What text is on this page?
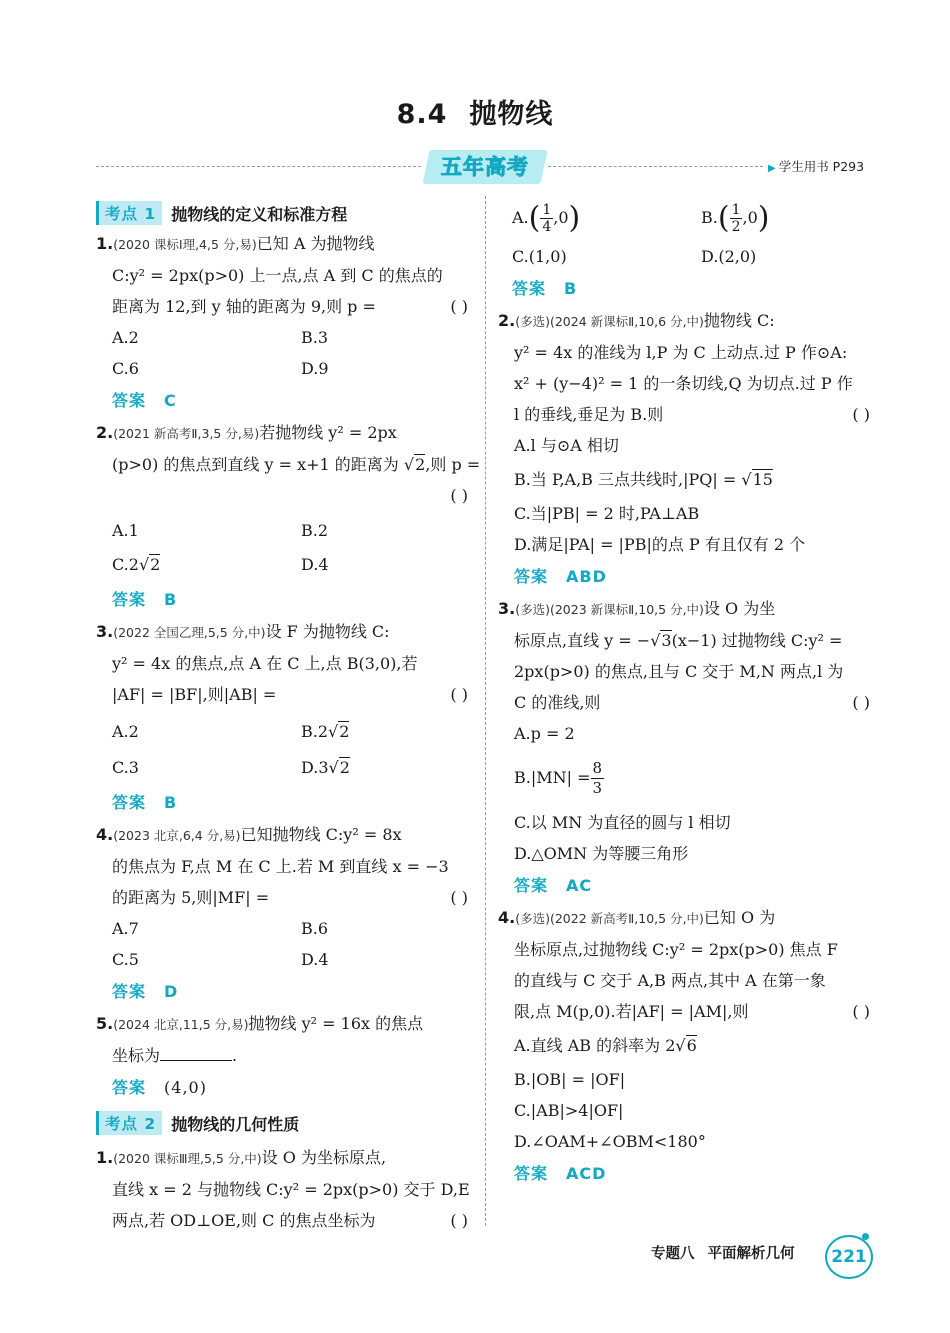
8.4 抛物线
五年高考	▶ 学生用书 P293
考点 1 抛物线的定义和标准方程
1.(2020 课标Ⅰ理,4,5 分,易)已知 A 为抛物线
C:y² = 2px(p>0) 上一点,点 A 到 C 的焦点的
距离为 12,到 y 轴的距离为 9,则 p =	( )
A.2	B.3
C.6	D.9
答案 C
2.(2021 新高考Ⅱ,3,5 分,易)若抛物线 y² = 2px
(p>0) 的焦点到直线 y = x+1 的距离为 √2,则 p =
( )
A.1	B.2
C.2√2	D.4
答案 B
3.(2022 全国乙理,5,5 分,中)设 F 为抛物线 C:
y² = 4x 的焦点,点 A 在 C 上,点 B(3,0),若
|AF| = |BF|,则|AB| =	( )
A.2	B.2√2
C.3	D.3√2
答案 B
4.(2023 北京,6,4 分,易)已知抛物线 C:y² = 8x
的焦点为 F,点 M 在 C 上.若 M 到直线 x = −3
的距离为 5,则|MF| =	( )
A.7	B.6
C.5	D.4
答案 D
5.(2024 北京,11,5 分,易)抛物线 y² = 16x 的焦点
坐标为	.
答案 (4,0)
考点 2 抛物线的几何性质
1.(2020 课标Ⅲ理,5,5 分,中)设 O 为坐标原点,
直线 x = 2 与抛物线 C:y² = 2px(p>0) 交于 D,E
两点,若 OD⊥OE,则 C 的焦点坐标为	( )
$A.( \frac{1}{4} ,0)$	$B.( \frac{1}{2} ,0)$
C.(1,0)	D.(2,0)
答案 B
2.(多选)(2024 新课标Ⅱ,10,6 分,中)抛物线 C:
y² = 4x 的准线为 l,P 为 C 上动点.过 P 作⊙A:
x² + (y−4)² = 1 的一条切线,Q 为切点.过 P 作
l 的垂线,垂足为 B.则	( )
A.l 与⊙A 相切
B.当 P,A,B 三点共线时,|PQ| = √15
C.当|PB| = 2 时,PA⊥AB
D.满足|PA| = |PB|的点 P 有且仅有 2 个
答案 ABD
3.(多选)(2023 新课标Ⅱ,10,5 分,中)设 O 为坐
标原点,直线 y = −√3(x−1) 过抛物线 C:y² =
2px(p>0) 的焦点,且与 C 交于 M,N 两点,l 为
C 的准线,则	( )
A.p = 2
$B.|MN| = \frac{8}{3}$
C.以 MN 为直径的圆与 l 相切
D.△OMN 为等腰三角形
答案 AC
4.(多选)(2022 新高考Ⅱ,10,5 分,中)已知 O 为
坐标原点,过抛物线 C:y² = 2px(p>0) 焦点 F
的直线与 C 交于 A,B 两点,其中 A 在第一象
限,点 M(p,0).若|AF| = |AM|,则	( )
A.直线 AB 的斜率为 2√6
B.|OB| = |OF|
C.|AB|>4|OF|
D.∠OAM+∠OBM<180°
答案 ACD
专题八 平面解析几何	221
